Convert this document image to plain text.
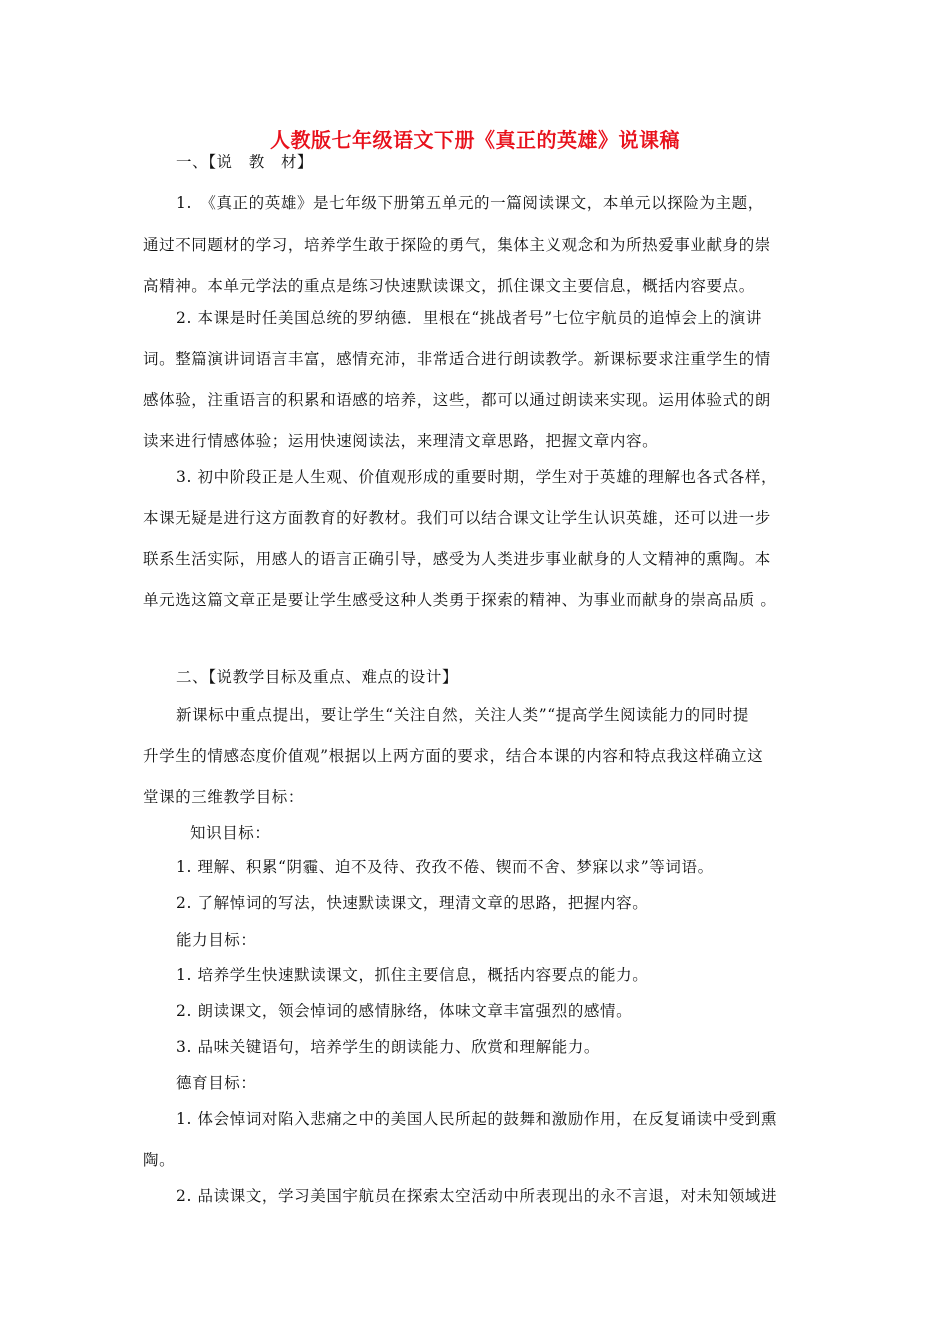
人教版七年级语文下册《真正的英雄》说课稿
一、【说　教　材】
1.　《真正的英雄》是七年级下册第五单元的一篇阅读课文，本单元以探险为主题，
通过不同题材的学习，培养学生敢于探险的勇气，集体主义观念和为所热爱事业献身的崇
高精神。本单元学法的重点是练习快速默读课文，抓住课文主要信息，概括内容要点。
2. 本课是时任美国总统的罗纳德．里根在“挑战者号”七位宇航员的追悼会上的演讲
词。整篇演讲词语言丰富，感情充沛，非常适合进行朗读教学。新课标要求注重学生的情
感体验，注重语言的积累和语感的培养，这些，都可以通过朗读来实现。运用体验式的朗
读来进行情感体验；运用快速阅读法，来理清文章思路，把握文章内容。
3. 初中阶段正是人生观、价值观形成的重要时期，学生对于英雄的理解也各式各样，
本课无疑是进行这方面教育的好教材。我们可以结合课文让学生认识英雄，还可以进一步
联系生活实际，用感人的语言正确引导，感受为人类进步事业献身的人文精神的熏陶。本
单元选这篇文章正是要让学生感受这种人类勇于探索的精神、为事业而献身的崇高品质 。
二、【说教学目标及重点、难点的设计】
新课标中重点提出，要让学生“关注自然，关注人类”“提高学生阅读能力的同时提
升学生的情感态度价值观”根据以上两方面的要求，结合本课的内容和特点我这样确立这
堂课的三维教学目标：
知识目标：
1. 理解、积累“阴霾、迫不及待、孜孜不倦、锲而不舍、梦寐以求”等词语。
2. 了解悼词的写法，快速默读课文，理清文章的思路，把握内容。
能力目标：
1. 培养学生快速默读课文，抓住主要信息，概括内容要点的能力。
2. 朗读课文，领会悼词的感情脉络，体味文章丰富强烈的感情。
3. 品味关键语句，培养学生的朗读能力、欣赏和理解能力。
德育目标：
1. 体会悼词对陷入悲痛之中的美国人民所起的鼓舞和激励作用，在反复诵读中受到熏
陶。
2. 品读课文，学习美国宇航员在探索太空活动中所表现出的永不言退，对未知领域进
